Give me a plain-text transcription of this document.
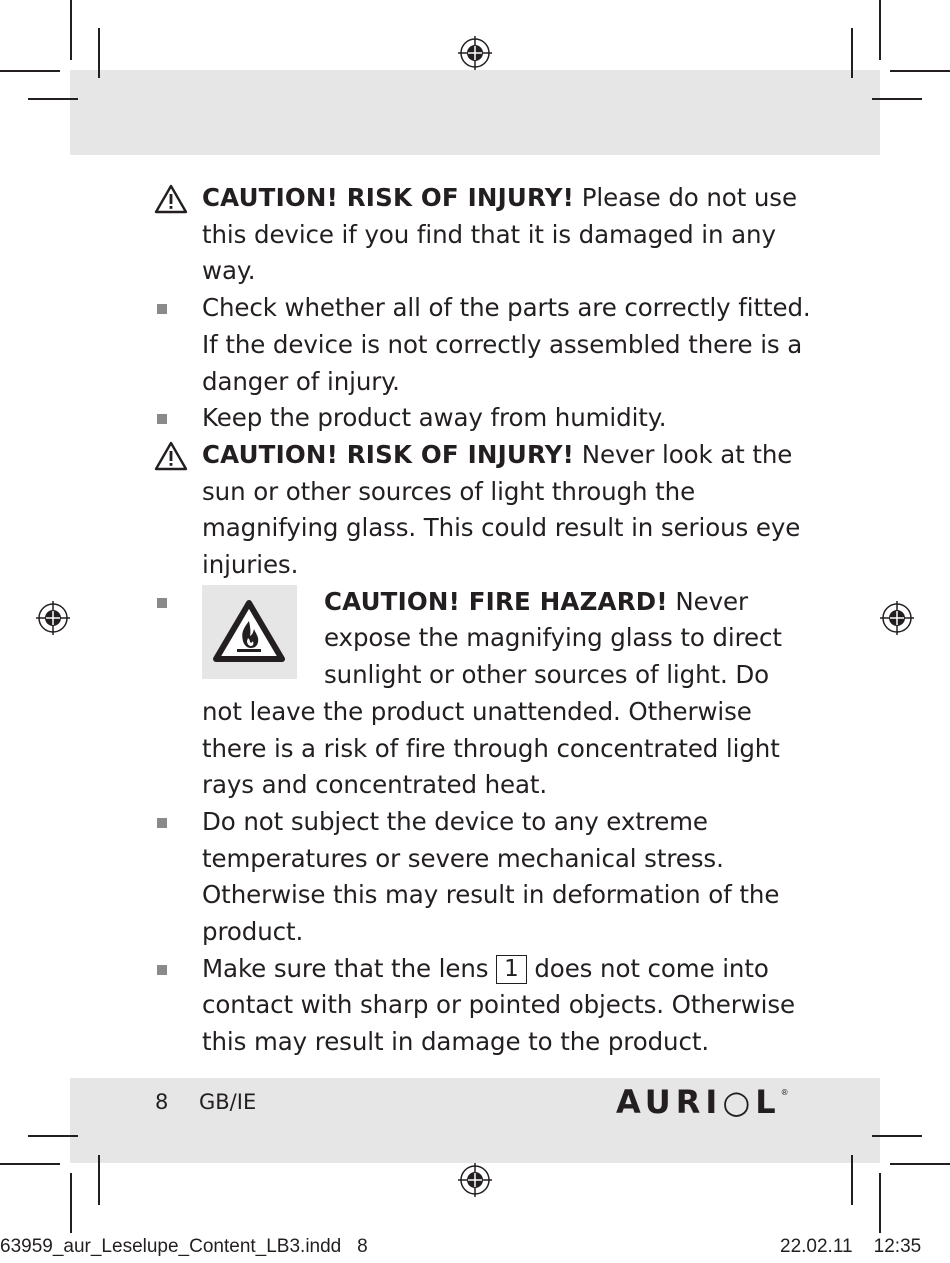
CAUTION! RISK OF INJURY! Please do not use this device if you find that it is damaged in any way.
Check whether all of the parts are correctly fitted.
If the device is not correctly assembled there is a danger of injury.
Keep the product away from humidity.
CAUTION! RISK OF INJURY! Never look at the sun or other sources of light through the magnifying glass. This could result in serious eye injuries.
CAUTION! FIRE HAZARD! Never expose the magnifying glass to direct sunlight or other sources of light. Do not leave the product unattended. Otherwise there is a risk of fire through concentrated light rays and concentrated heat.
Do not subject the device to any extreme temperatures or severe mechanical stress. Otherwise this may result in deformation of the product.
Make sure that the lens 1 does not come into contact with sharp or pointed objects. Otherwise this may result in damage to the product.
8 GB/IE	AURI○L®
63959_aur_Leselupe_Content_LB3.indd   8	22.02.11    12:35
